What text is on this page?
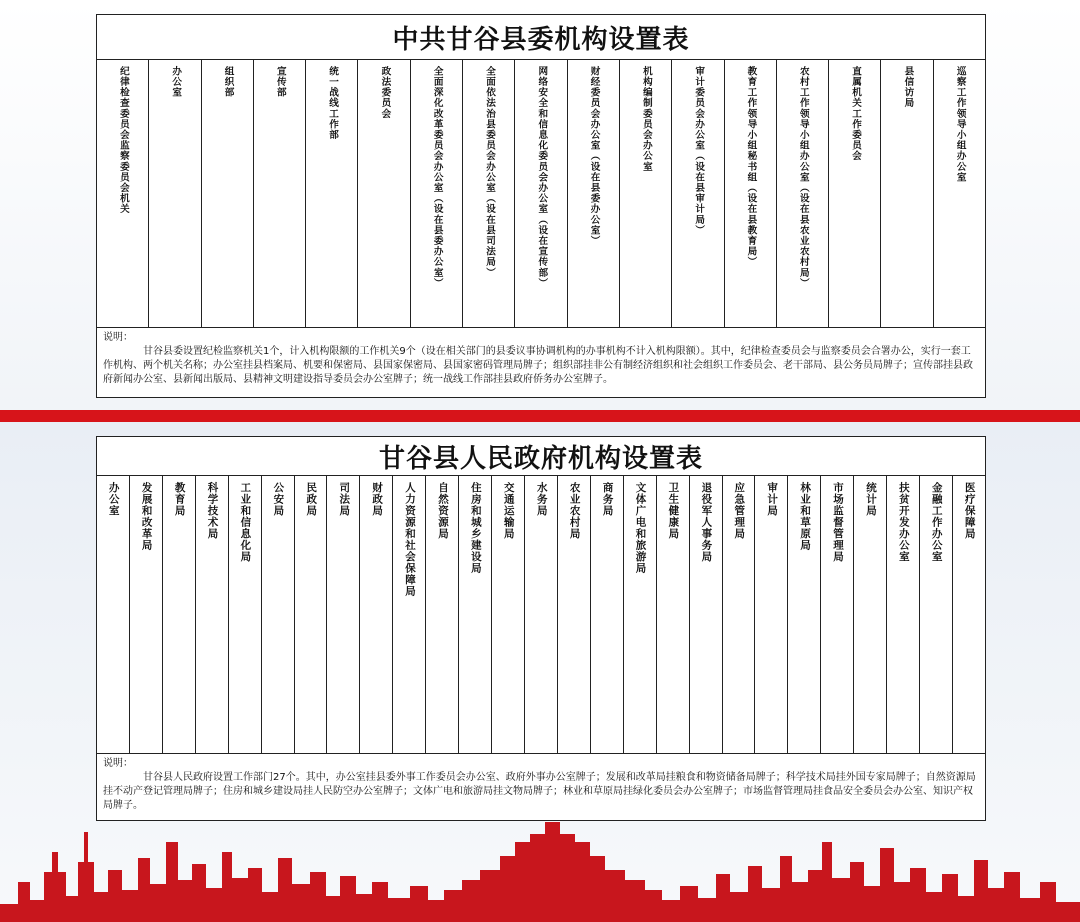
中共甘谷县委机构设置表
纪律检查委员会监察委员会机关	办公室	组织部	宣传部	统一战线工作部	政法委员会	全面深化改革委员会办公室（设在县委办公室）	全面依法治县委员会办公室（设在县司法局）	网络安全和信息化委员会办公室（设在宣传部）	财经委员会办公室（设在县委办公室）	机构编制委员会办公室	审计委员会办公室（设在县审计局）	教育工作领导小组秘书组（设在县教育局）	农村工作领导小组办公室（设在县农业农村局）	直属机关工作委员会	县信访局	巡察工作领导小组办公室
说明：
甘谷县委设置纪检监察机关1个，计入机构限额的工作机关9个（设在相关部门的县委议事协调机构的办事机构不计入机构限额）。其中，纪律检查委员会与监察委员会合署办公，实行一套工作机构、两个机关名称；办公室挂县档案局、机要和保密局、县国家保密局、县国家密码管理局牌子；组织部挂非公有制经济组织和社会组织工作委员会、老干部局、县公务员局牌子；宣传部挂县政府新闻办公室、县新闻出版局、县精神文明建设指导委员会办公室牌子；统一战线工作部挂县政府侨务办公室牌子。
甘谷县人民政府机构设置表
办公室 发展和改革局 教育局 科学技术局 工业和信息化局 公安局 民政局 司法局 财政局 人力资源和社会保障局 自然资源局 住房和城乡建设局 交通运输局 水务局 农业农村局 商务局 文体广电和旅游局 卫生健康局 退役军人事务局 应急管理局 审计局 林业和草原局 市场监督管理局 统计局 扶贫开发办公室 金融工作办公室 医疗保障局
说明：
甘谷县人民政府设置工作部门27个。其中，办公室挂县委外事工作委员会办公室、政府外事办公室牌子；发展和改革局挂粮食和物资储备局牌子；科学技术局挂外国专家局牌子；自然资源局挂不动产登记管理局牌子；住房和城乡建设局挂人民防空办公室牌子；文体广电和旅游局挂文物局牌子；林业和草原局挂绿化委员会办公室牌子；市场监督管理局挂食品安全委员会办公室、知识产权局牌子。
